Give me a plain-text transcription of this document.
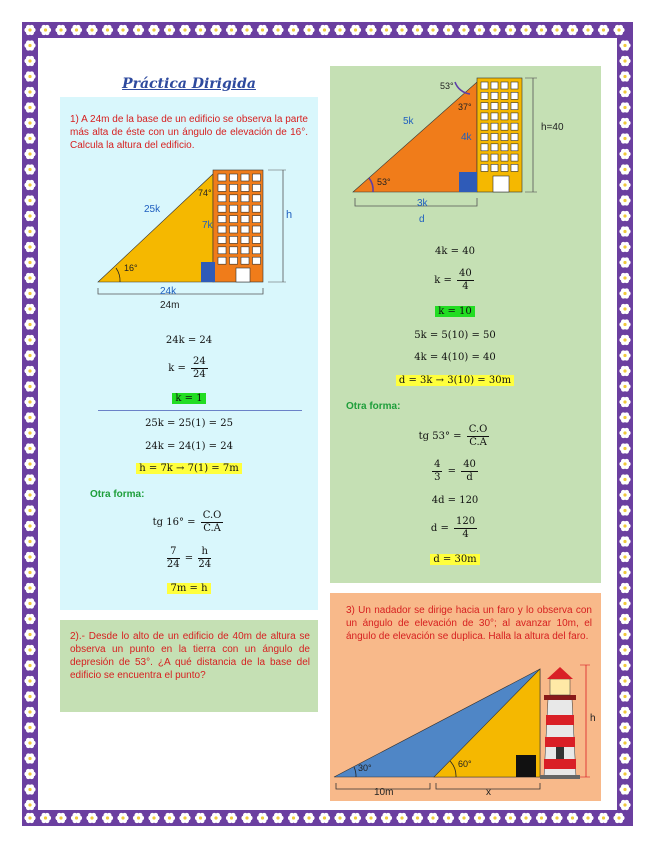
Práctica Dirigida
1) A 24m de la base de un edificio se observa la parte más alta de éste con un ángulo de elevación de 16°. Calcula la altura del edificio.
16°
74°
25k
7k
h
24k
24m
24k = 24
$k = \frac{24}{24}$
k = 1
25k = 25(1) = 25
24k = 24(1) = 24
h = 7k → 7(1) = 7m
Otra forma:
tg $16^\circ = \frac{C.O}{C.A}$
$\frac{7}{24} = \frac{h}{24}$
7m = h
2).- Desde lo alto de un edificio de 40m de altura se observa un punto en la tierra con un ángulo de depresión de 53°. ¿A qué distancia de la base del edificio se encuentra el punto?
53°
37°
53°
5k
4k
h=40
3k
d
4k = 40
$k = \frac{40}{4}$
k = 10
5k = 5(10) = 50
4k = 4(10) = 40
d = 3k → 3(10) = 30m
Otra forma:
tg $53^\circ = \frac{C.O}{C.A}$
$\frac{4}{3} = \frac{40}{d}$
4d = 120
$d = \frac{120}{4}$
d = 30m
3) Un nadador se dirige hacia un faro y lo observa con un ángulo de elevación de 30°; al avanzar 10m, el ángulo de elevación se duplica. Halla la altura del faro.
30°	60°
10m	x
h
